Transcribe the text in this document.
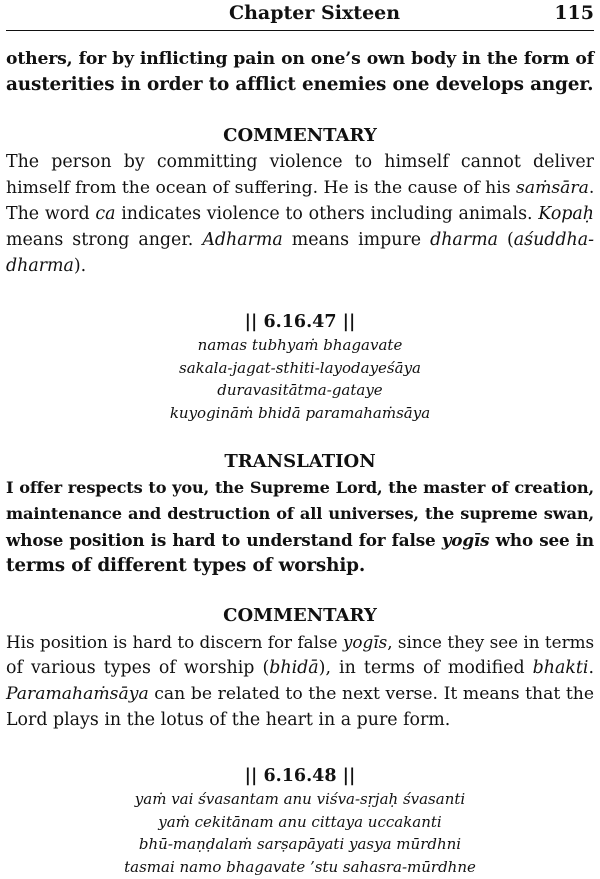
Chapter Sixteen	115
others, for by inflicting pain on one’s own body in the form of
austerities in order to afflict enemies one develops anger.
COMMENTARY
The person by committing violence to himself cannot deliver
himself from the ocean of suffering. He is the cause of his saṁsāra.
The word ca indicates violence to others including animals. Kopaḥ
means strong anger. Adharma means impure dharma (aśuddha-
dharma).
|| 6.16.47 ||
namas tubhyaṁ bhagavate
sakala-jagat-sthiti-layodayeśāya
duravasitātma-gataye
kuyogināṁ bhidā paramahaṁsāya
TRANSLATION
I offer respects to you, the Supreme Lord, the master of creation,
maintenance and destruction of all universes, the supreme swan,
whose position is hard to understand for false yogīs who see in
terms of different types of worship.
COMMENTARY
His position is hard to discern for false yogīs, since they see in terms
of various types of worship (bhidā), in terms of modified bhakti.
Paramahaṁsāya can be related to the next verse. It means that the
Lord plays in the lotus of the heart in a pure form.
|| 6.16.48 ||
yaṁ vai śvasantam anu viśva-sṛjaḥ śvasanti
yaṁ cekitānam anu cittaya uccakanti
bhū-maṇḍalaṁ sarṣapāyati yasya mūrdhni
tasmai namo bhagavate ’stu sahasra-mūrdhne
